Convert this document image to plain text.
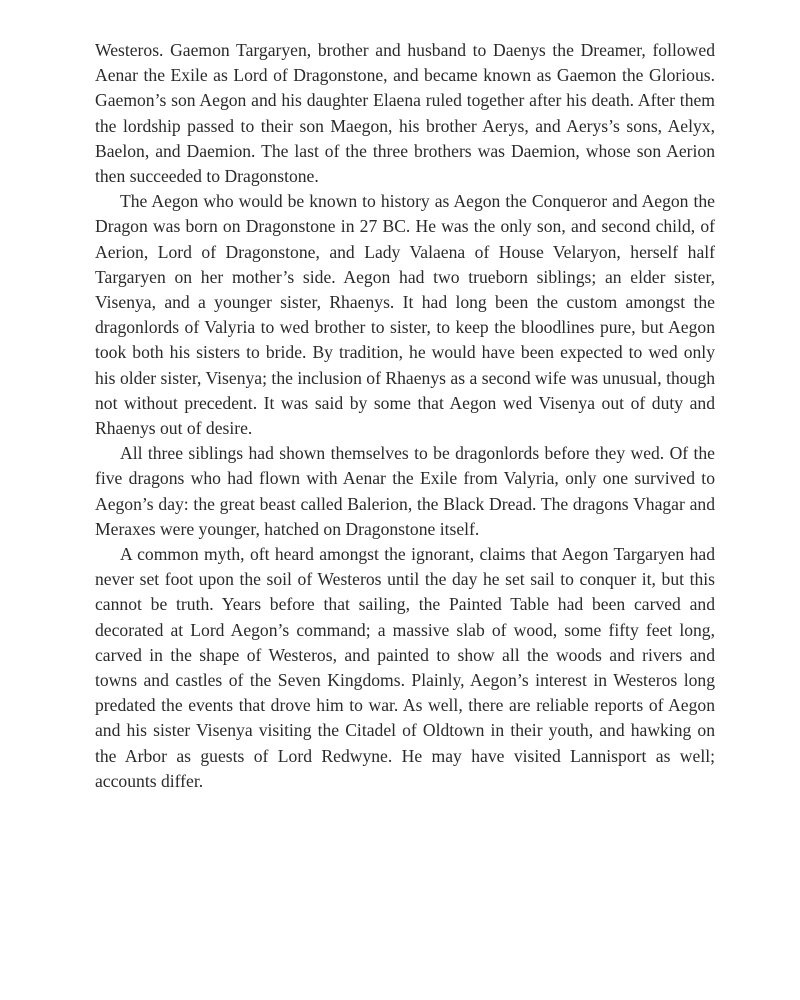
Westeros. Gaemon Targaryen, brother and husband to Daenys the Dreamer, followed Aenar the Exile as Lord of Dragonstone, and became known as Gaemon the Glorious. Gaemon’s son Aegon and his daughter Elaena ruled together after his death. After them the lordship passed to their son Maegon, his brother Aerys, and Aerys’s sons, Aelyx, Baelon, and Daemion. The last of the three brothers was Daemion, whose son Aerion then succeeded to Dragonstone.

The Aegon who would be known to history as Aegon the Conqueror and Aegon the Dragon was born on Dragonstone in 27 BC. He was the only son, and second child, of Aerion, Lord of Dragonstone, and Lady Valaena of House Velaryon, herself half Targaryen on her mother’s side. Aegon had two trueborn siblings; an elder sister, Visenya, and a younger sister, Rhaenys. It had long been the custom amongst the dragonlords of Valyria to wed brother to sister, to keep the bloodlines pure, but Aegon took both his sisters to bride. By tradition, he would have been expected to wed only his older sister, Visenya; the inclusion of Rhaenys as a second wife was unusual, though not without precedent. It was said by some that Aegon wed Visenya out of duty and Rhaenys out of desire.

All three siblings had shown themselves to be dragonlords before they wed. Of the five dragons who had flown with Aenar the Exile from Valyria, only one survived to Aegon’s day: the great beast called Balerion, the Black Dread. The dragons Vhagar and Meraxes were younger, hatched on Dragonstone itself.

A common myth, oft heard amongst the ignorant, claims that Aegon Targaryen had never set foot upon the soil of Westeros until the day he set sail to conquer it, but this cannot be truth. Years before that sailing, the Painted Table had been carved and decorated at Lord Aegon’s command; a massive slab of wood, some fifty feet long, carved in the shape of Westeros, and painted to show all the woods and rivers and towns and castles of the Seven Kingdoms. Plainly, Aegon’s interest in Westeros long predated the events that drove him to war. As well, there are reliable reports of Aegon and his sister Visenya visiting the Citadel of Oldtown in their youth, and hawking on the Arbor as guests of Lord Redwyne. He may have visited Lannisport as well; accounts differ.
